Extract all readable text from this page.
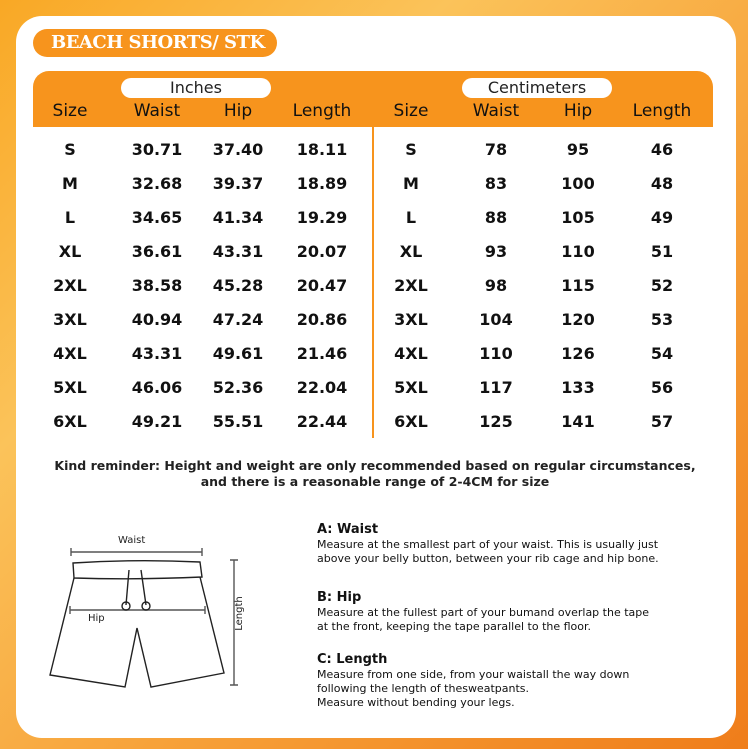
BEACH SHORTS/ STK
Inches	Centimeters
Size	Waist	Hip	Length	Size	Waist	Hip	Length
S	30.71	37.40	18.11	S	78	95	46
M	32.68	39.37	18.89	M	83	100	48
L	34.65	41.34	19.29	L	88	105	49
XL	36.61	43.31	20.07	XL	93	110	51
2XL	38.58	45.28	20.47	2XL	98	115	52
3XL	40.94	47.24	20.86	3XL	104	120	53
4XL	43.31	49.61	21.46	4XL	110	126	54
5XL	46.06	52.36	22.04	5XL	117	133	56
6XL	49.21	55.51	22.44	6XL	125	141	57
Kind reminder: Height and weight are only recommended based on regular circumstances,
and there is a reasonable range of 2-4CM for size
Waist
Hip	Length
A: Waist

Measure at the smallest part of your waist. This is usually just

above your belly button, between your rib cage and hip bone.

B: Hip

Measure at the fullest part of your bumand overlap the tape

at the front, keeping the tape parallel to the floor.

C: Length

Measure from one side, from your waistall the way down

following the length of thesweatpants.

Measure without bending your legs.
